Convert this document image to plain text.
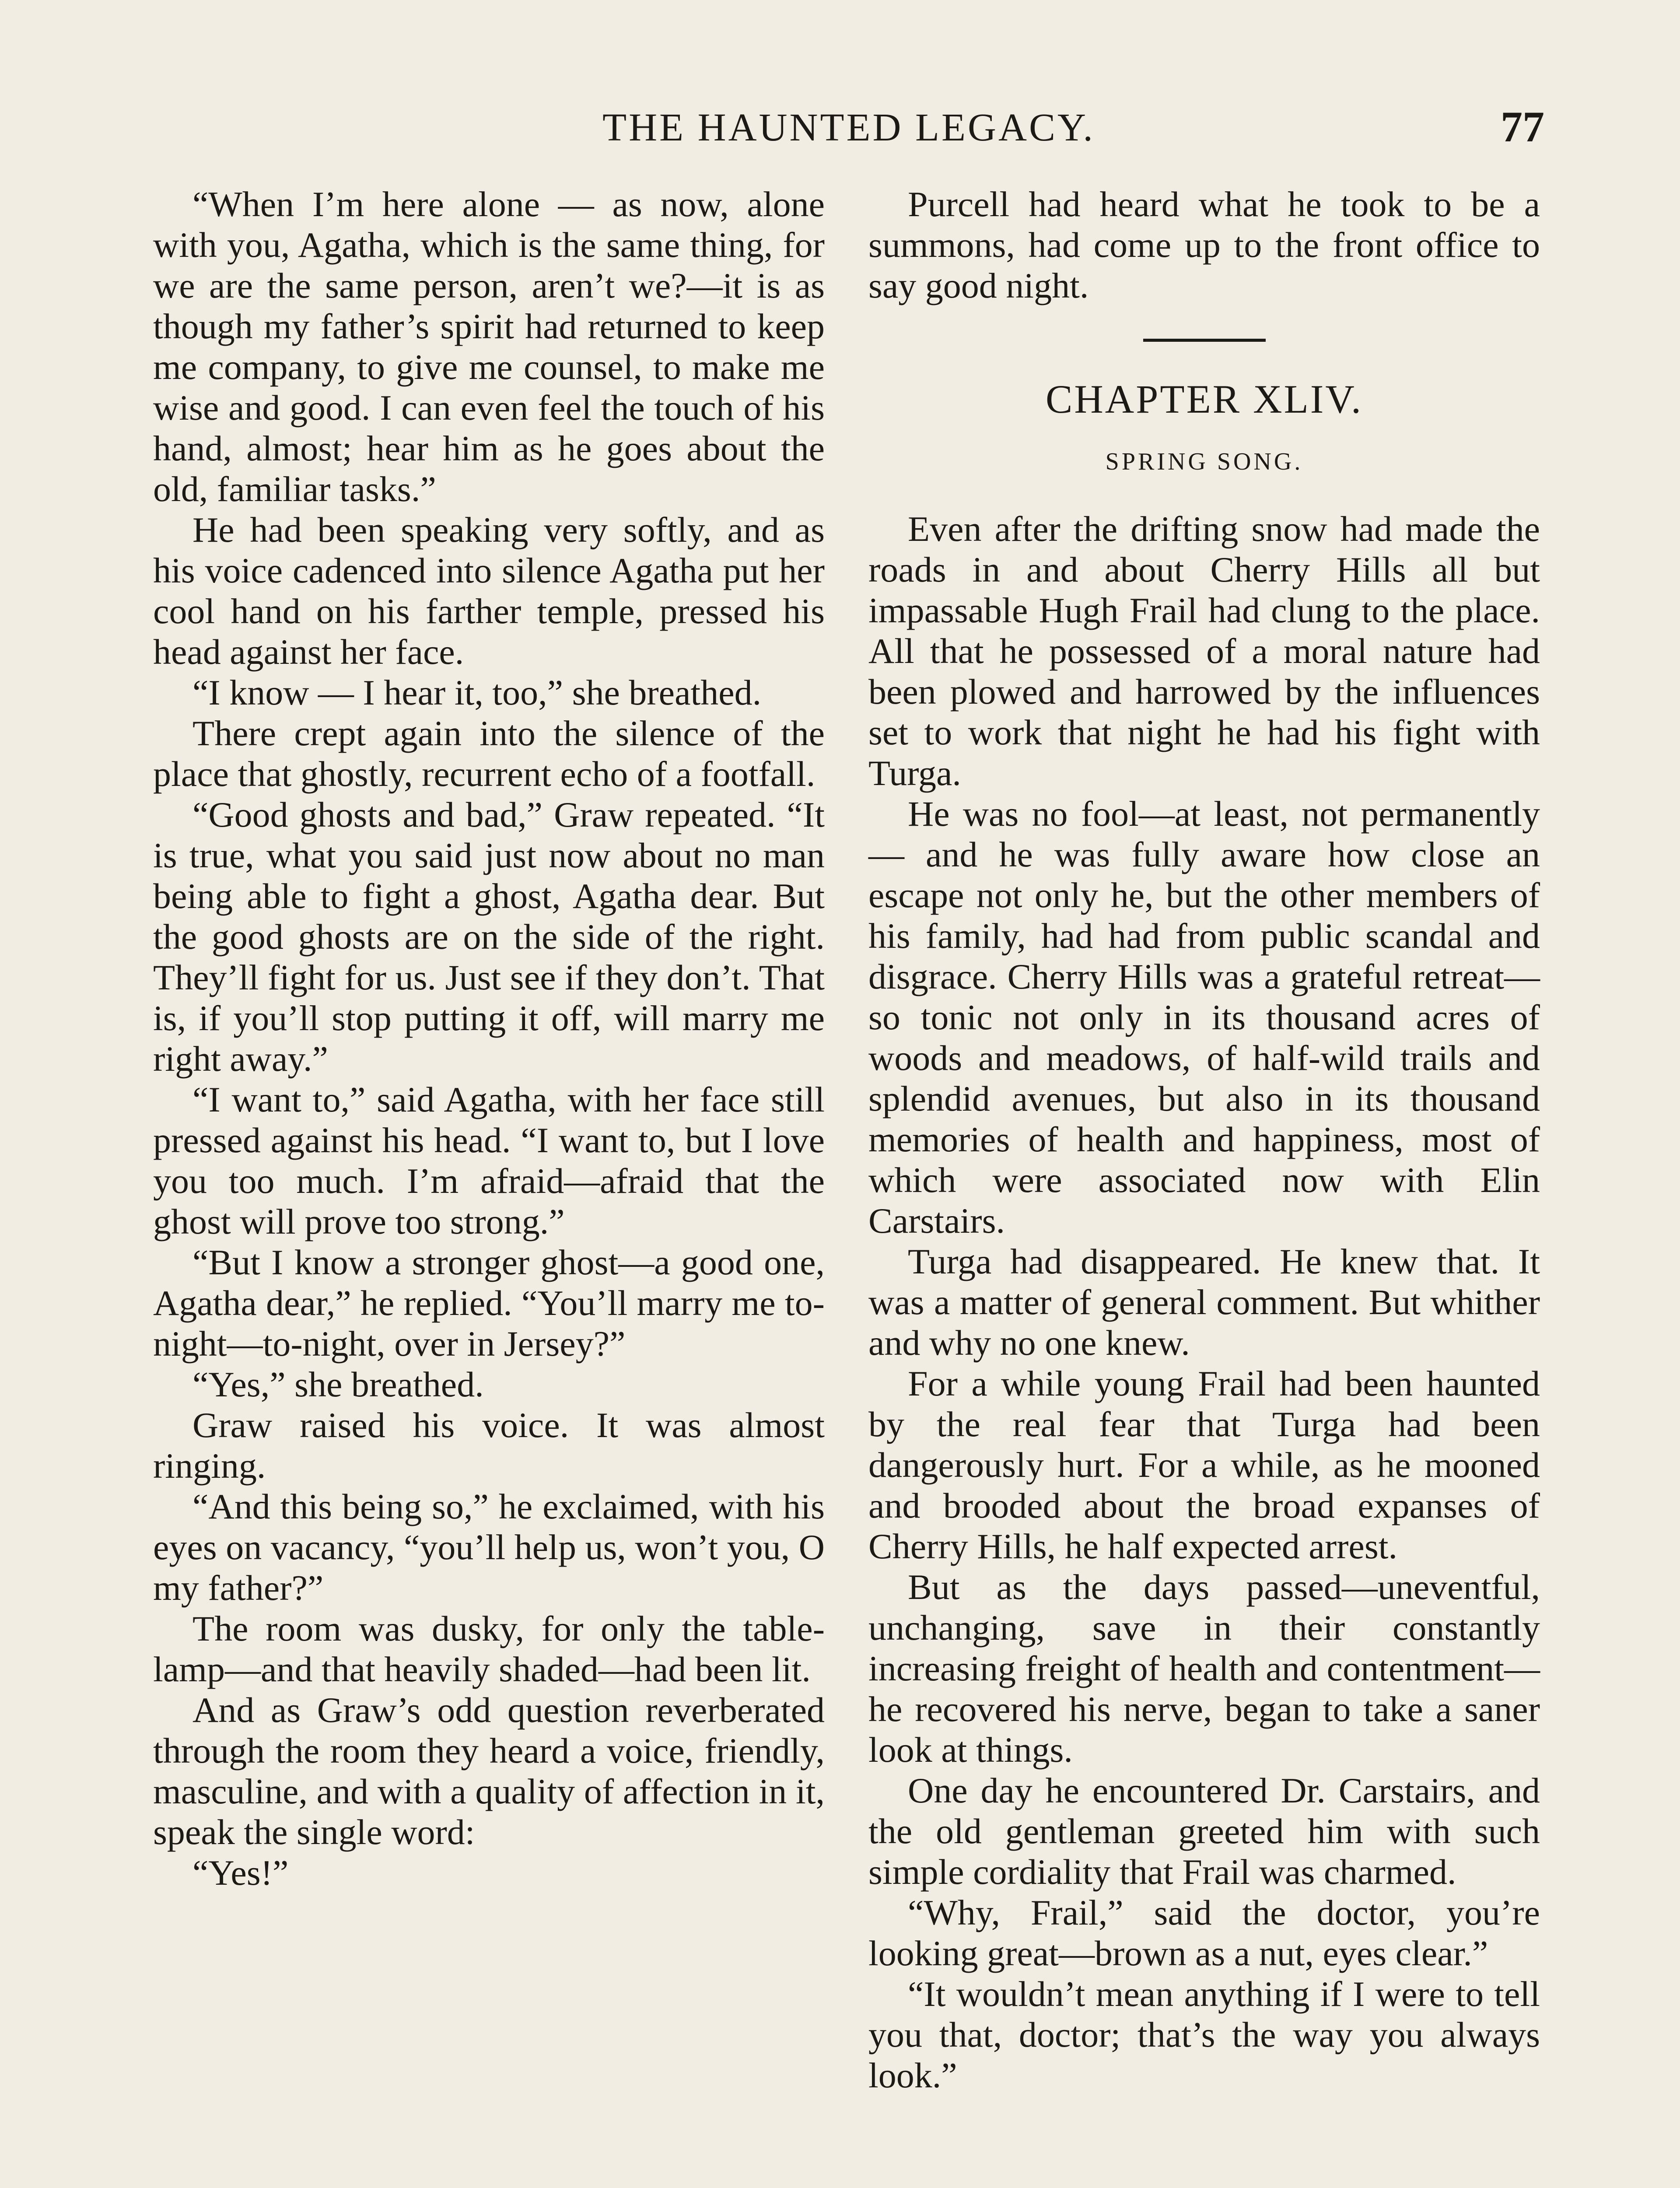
THE HAUNTED LEGACY.	77

“When I’m here alone — as now, alone with you, Agatha, which is the same thing, for we are the same person, aren’t we?—it is as though my father’s spirit had returned to keep me company, to give me counsel, to make me wise and good. I can even feel the touch of his hand, almost; hear him as he goes about the old, familiar tasks.”

He had been speaking very softly, and as his voice cadenced into silence Agatha put her cool hand on his farther temple, pressed his head against her face.

“I know — I hear it, too,” she breathed.

There crept again into the silence of the place that ghostly, recurrent echo of a footfall.

“Good ghosts and bad,” Graw repeated. “It is true, what you said just now about no man being able to fight a ghost, Agatha dear. But the good ghosts are on the side of the right. They’ll fight for us. Just see if they don’t. That is, if you’ll stop putting it off, will marry me right away.”

“I want to,” said Agatha, with her face still pressed against his head. “I want to, but I love you too much. I’m afraid—afraid that the ghost will prove too strong.”

“But I know a stronger ghost—a good one, Agatha dear,” he replied. “You’ll marry me to-night—to-night, over in Jersey?”

“Yes,” she breathed.

Graw raised his voice. It was almost ringing.

“And this being so,” he exclaimed, with his eyes on vacancy, “you’ll help us, won’t you, O my father?”

The room was dusky, for only the table-lamp—and that heavily shaded—had been lit.

And as Graw’s odd question reverberated through the room they heard a voice, friendly, masculine, and with a quality of affection in it, speak the single word:

“Yes!”

Purcell had heard what he took to be a summons, had come up to the front office to say good night.

CHAPTER XLIV.
SPRING SONG.

Even after the drifting snow had made the roads in and about Cherry Hills all but impassable Hugh Frail had clung to the place. All that he possessed of a moral nature had been plowed and harrowed by the influences set to work that night he had his fight with Turga.

He was no fool—at least, not permanently — and he was fully aware how close an escape not only he, but the other members of his family, had had from public scandal and disgrace. Cherry Hills was a grateful retreat—so tonic not only in its thousand acres of woods and meadows, of half-wild trails and splendid avenues, but also in its thousand memories of health and happiness, most of which were associated now with Elin Carstairs.

Turga had disappeared. He knew that. It was a matter of general comment. But whither and why no one knew.

For a while young Frail had been haunted by the real fear that Turga had been dangerously hurt. For a while, as he mooned and brooded about the broad expanses of Cherry Hills, he half expected arrest.

But as the days passed—uneventful, unchanging, save in their constantly increasing freight of health and contentment—he recovered his nerve, began to take a saner look at things.

One day he encountered Dr. Carstairs, and the old gentleman greeted him with such simple cordiality that Frail was charmed.

“Why, Frail,” said the doctor, you’re looking great—brown as a nut, eyes clear.”

“It wouldn’t mean anything if I were to tell you that, doctor; that’s the way you always look.”
